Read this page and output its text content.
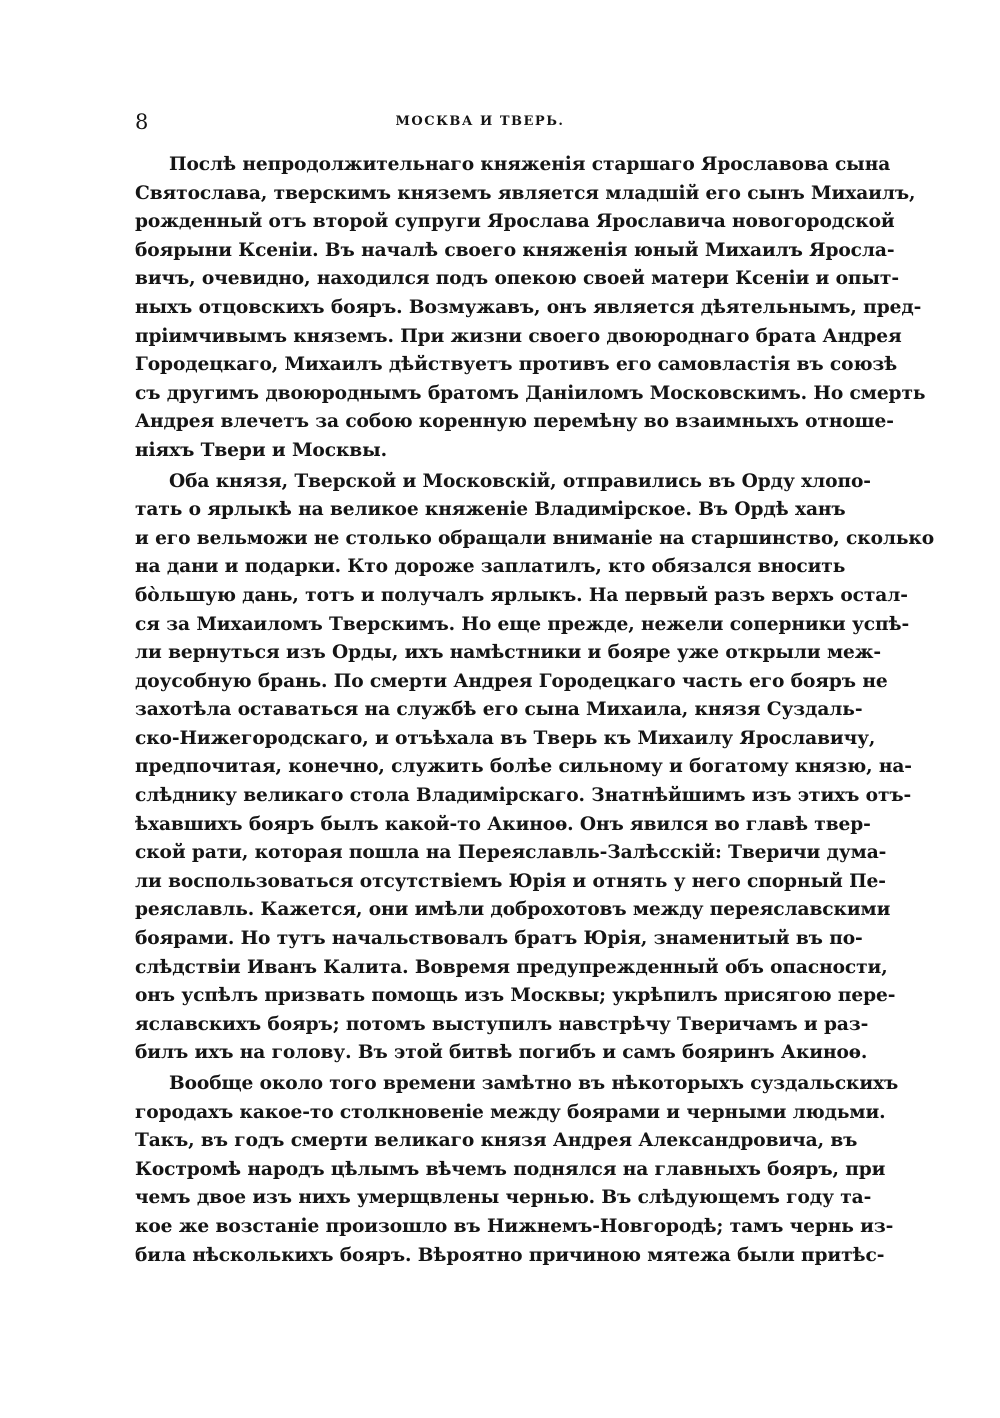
8	МОСКВА И ТВЕРЬ.
Послѣ непродолжительнаго княженія старшаго Ярославова сына
Святослава, тверскимъ княземъ является младшій его сынъ Михаилъ,
рожденный отъ второй супруги Ярослава Ярославича новогородской
боярыни Ксеніи. Въ началѣ своего княженія юный Михаилъ Яросла-
вичъ, очевидно, находился подъ опекою своей матери Ксеніи и опыт-
ныхъ отцовскихъ бояръ. Возмужавъ, онъ является дѣятельнымъ, пред-
пріимчивымъ княземъ. При жизни своего двоюроднаго брата Андрея
Городецкаго, Михаилъ дѣйствуетъ противъ его самовластія въ союзѣ
съ другимъ двоюроднымъ братомъ Даніиломъ Московскимъ. Но смерть
Андрея влечетъ за собою коренную перемѣну во взаимныхъ отноше-
ніяхъ Твери и Москвы.
Оба князя, Тверской и Московскій, отправились въ Орду хлопо-
тать о ярлыкѣ на великое княженіе Владимірское. Въ Ордѣ ханъ
и его вельможи не столько обращали вниманіе на старшинство, сколько
на дани и подарки. Кто дороже заплатилъ, кто обязался вносить
бо̀льшую дань, тотъ и получалъ ярлыкъ. На первый разъ верхъ остал-
ся за Михаиломъ Тверскимъ. Но еще прежде, нежели соперники успѣ-
ли вернуться изъ Орды, ихъ намѣстники и бояре уже открыли меж-
доусобную брань. По смерти Андрея Городецкаго часть его бояръ не
захотѣла оставаться на службѣ его сына Михаила, князя Суздаль-
ско-Нижегородскаго, и отъѣхала въ Тверь къ Михаилу Ярославичу,
предпочитая, конечно, служить болѣе сильному и богатому князю, на-
слѣднику великаго стола Владимірскаго. Знатнѣйшимъ изъ этихъ отъ-
ѣхавшихъ бояръ былъ какой-то Акиноѳ. Онъ явился во главѣ твер-
ской рати, которая пошла на Переяславль-Залѣсскій: Тверичи дума-
ли воспользоваться отсутствіемъ Юрія и отнять у него спорный Пе-
реяславль. Кажется, они имѣли доброхотовъ между переяславскими
боярами. Но тутъ начальствовалъ братъ Юрія, знаменитый въ по-
слѣдствіи Иванъ Калита. Вовремя предупрежденный объ опасности,
онъ успѣлъ призвать помощь изъ Москвы; укрѣпилъ присягою пере-
яславскихъ бояръ; потомъ выступилъ навстрѣчу Тверичамъ и раз-
билъ ихъ на голову. Въ этой битвѣ погибъ и самъ бояринъ Акиноѳ.
Вообще около того времени замѣтно въ нѣкоторыхъ суздальскихъ
городахъ какое-то столкновеніе между боярами и черными людьми.
Такъ, въ годъ смерти великаго князя Андрея Александровича, въ
Костромѣ народъ цѣлымъ вѣчемъ поднялся на главныхъ бояръ, при
чемъ двое изъ нихъ умерщвлены чернью. Въ слѣдующемъ году та-
кое же возстаніе произошло въ Нижнемъ-Новгородѣ; тамъ чернь из-
била нѣсколькихъ бояръ. Вѣроятно причиною мятежа были притѣс-
